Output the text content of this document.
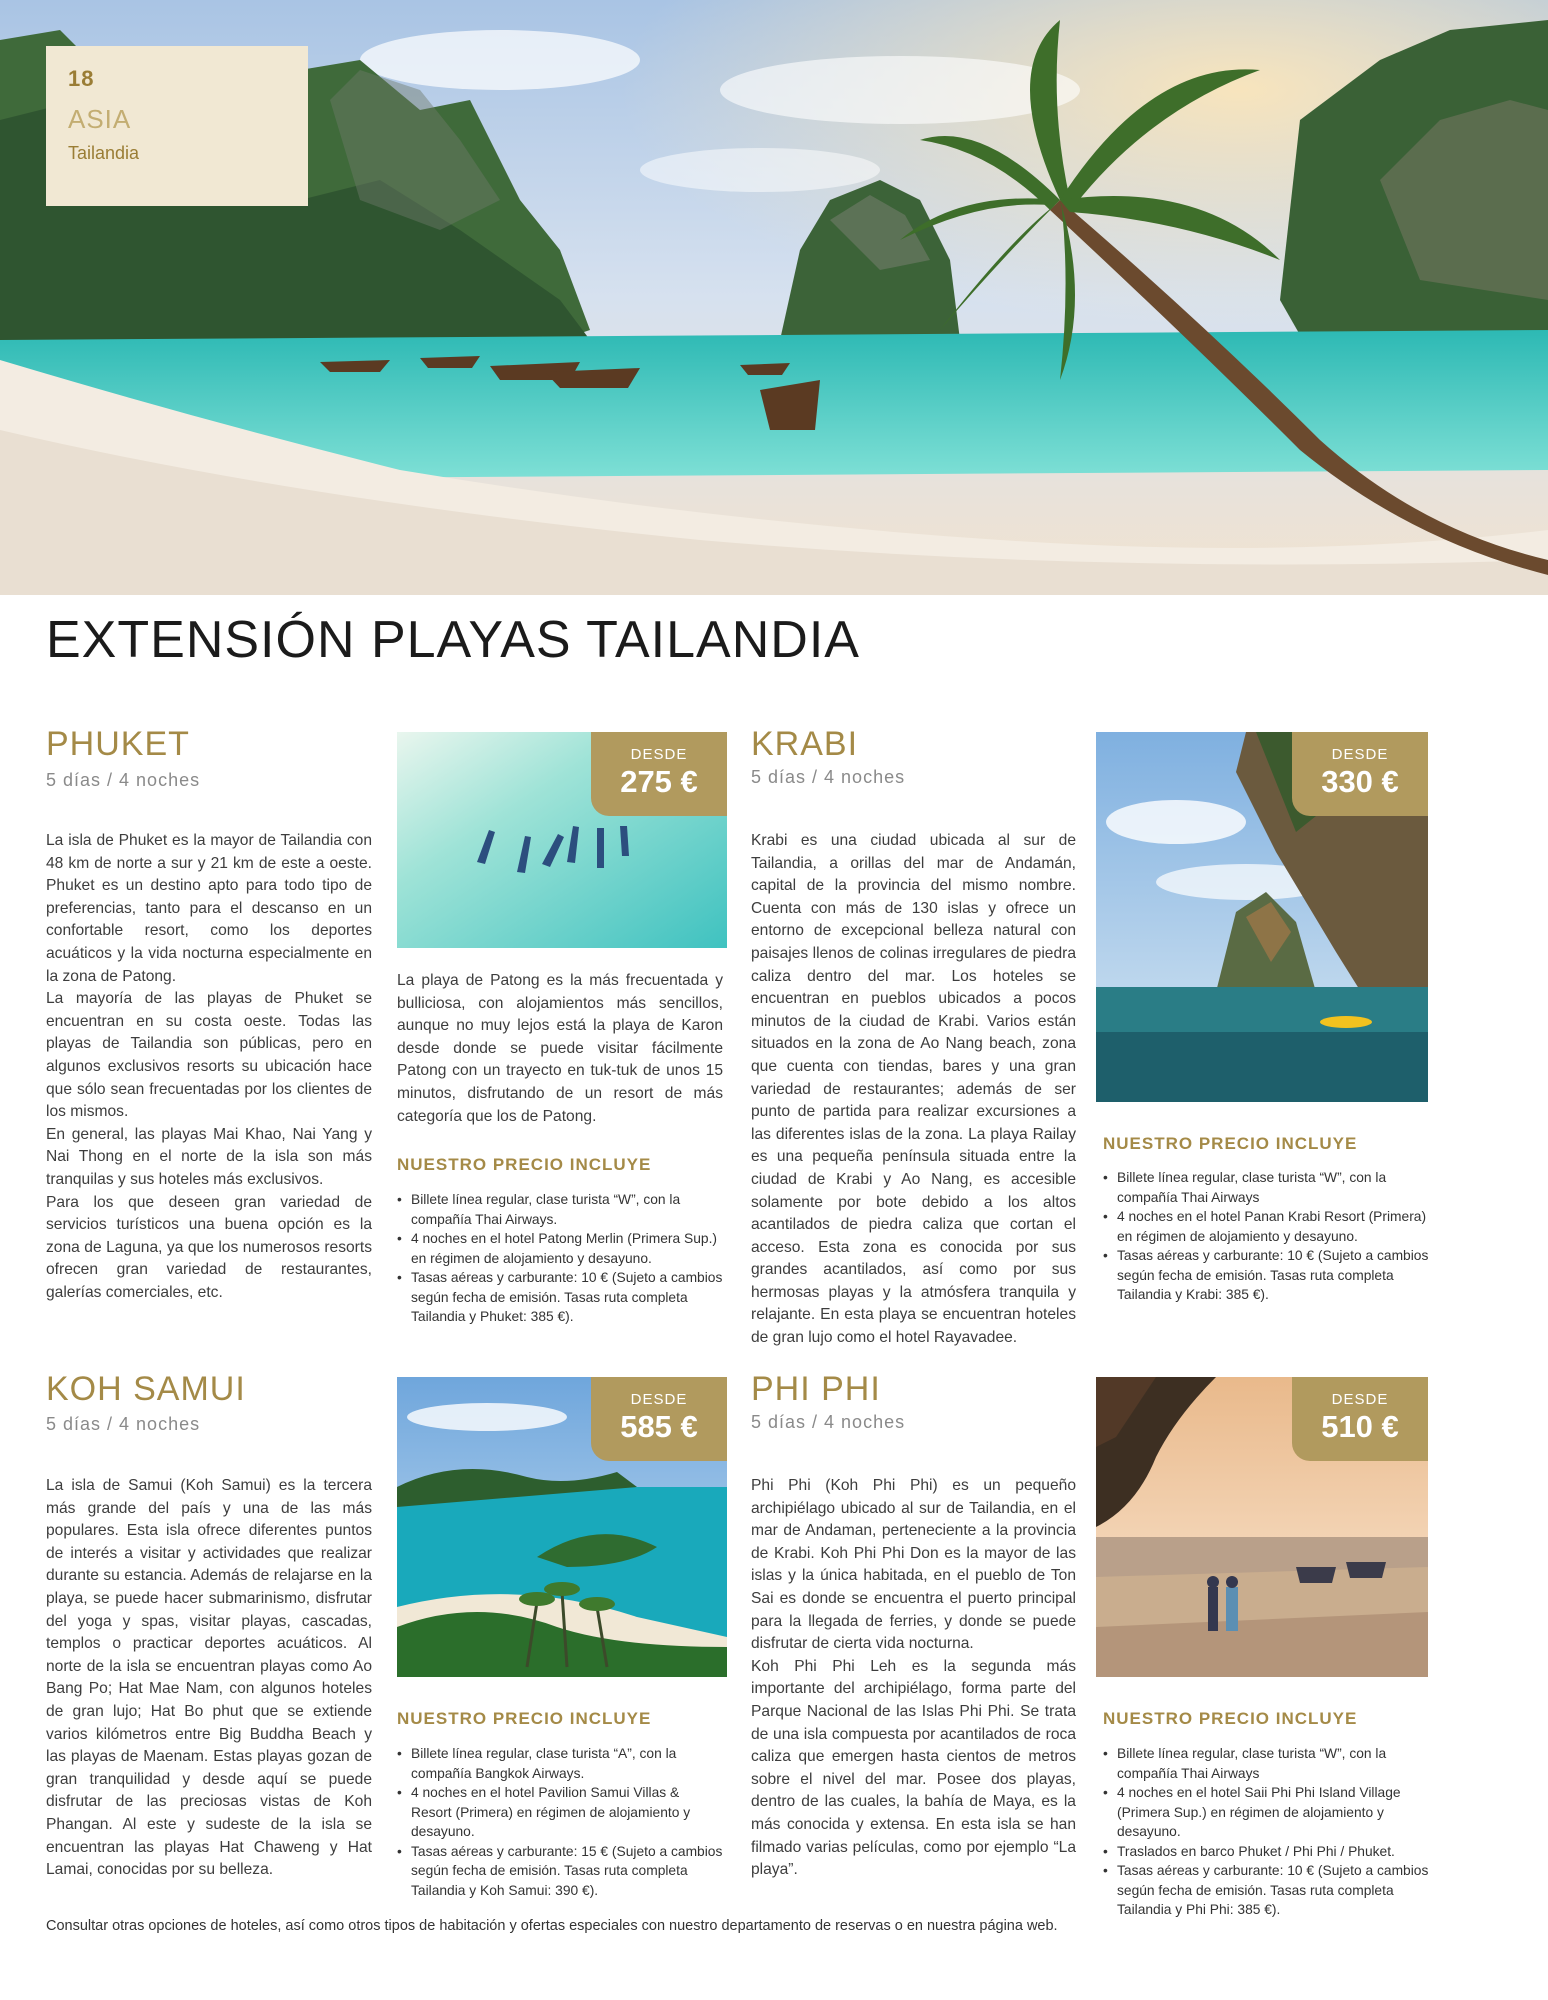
18
ASIA
Tailandia
EXTENSIÓN PLAYAS TAILANDIA
PHUKET
5 días / 4 noches

La isla de Phuket es la mayor de Tailandia con 48 km de norte a sur y 21 km de este a oeste. Phuket es un destino apto para todo tipo de preferencias, tanto para el descanso en un confortable resort, como los deportes acuáticos y la vida nocturna especialmente en la zona de Patong.

La mayoría de las playas de Phuket se encuentran en su costa oeste. Todas las playas de Tailandia son públicas, pero en algunos exclusivos resorts su ubicación hace que sólo sean frecuentadas por los clientes de los mismos.

En general, las playas Mai Khao, Nai Yang y Nai Thong en el norte de la isla son más tranquilas y sus hoteles más exclusivos.

Para los que deseen gran variedad de servicios turísticos una buena opción es la zona de Laguna, ya que los numerosos resorts ofrecen gran variedad de restaurantes, galerías comerciales, etc.

DESDE
275 €
La playa de Patong es la más frecuentada y bulliciosa, con alojamientos más sencillos, aunque no muy lejos está la playa de Karon desde donde se puede visitar fácilmente Patong con un trayecto en tuk-tuk de unos 15 minutos, disfrutando de un resort de más categoría que los de Patong.
NUESTRO PRECIO INCLUYE
• Billete línea regular, clase turista “W”, con la compañía Thai Airways.
• 4 noches en el hotel Patong Merlin (Primera Sup.) en régimen de alojamiento y desayuno.
• Tasas aéreas y carburante: 10 € (Sujeto a cambios según fecha de emisión. Tasas ruta completa Tailandia y Phuket: 385 €).
KRABI
5 días / 4 noches
Krabi es una ciudad ubicada al sur de Tailandia, a orillas del mar de Andamán, capital de la provincia del mismo nombre. Cuenta con más de 130 islas y ofrece un entorno de excepcional belleza natural con paisajes llenos de colinas irregulares de piedra caliza dentro del mar. Los hoteles se encuentran en pueblos ubicados a pocos minutos de la ciudad de Krabi. Varios están situados en la zona de Ao Nang beach, zona que cuenta con tiendas, bares y una gran variedad de restaurantes; además de ser punto de partida para realizar excursiones a las diferentes islas de la zona. La playa Railay es una pequeña península situada entre la ciudad de Krabi y Ao Nang, es accesible solamente por bote debido a los altos acantilados de piedra caliza que cortan el acceso. Esta zona es conocida por sus grandes acantilados, así como por sus hermosas playas y la atmósfera tranquila y relajante. En esta playa se encuentran hoteles de gran lujo como el hotel Rayavadee.
DESDE
330 €
NUESTRO PRECIO INCLUYE
• Billete línea regular, clase turista “W”, con la compañía Thai Airways
• 4 noches en el hotel Panan Krabi Resort (Primera) en régimen de alojamiento y desayuno.
• Tasas aéreas y carburante: 10 € (Sujeto a cambios según fecha de emisión. Tasas ruta completa Tailandia y Krabi: 385 €).
KOH SAMUI
5 días / 4 noches
La isla de Samui (Koh Samui) es la tercera más grande del país y una de las más populares. Esta isla ofrece diferentes puntos de interés a visitar y actividades que realizar durante su estancia. Además de relajarse en la playa, se puede hacer submarinismo, disfrutar del yoga y spas, visitar playas, cascadas, templos o practicar deportes acuáticos. Al norte de la isla se encuentran playas como Ao Bang Po; Hat Mae Nam, con algunos hoteles de gran lujo; Hat Bo phut que se extiende varios kilómetros entre Big Buddha Beach y las playas de Maenam. Estas playas gozan de gran tranquilidad y desde aquí se puede disfrutar de las preciosas vistas de Koh Phangan. Al este y sudeste de la isla se encuentran las playas Hat Chaweng y Hat Lamai, conocidas por su belleza.
DESDE
585 €
NUESTRO PRECIO INCLUYE
• Billete línea regular, clase turista “A”, con la compañía Bangkok Airways.
• 4 noches en el hotel Pavilion Samui Villas & Resort (Primera) en régimen de alojamiento y desayuno.
• Tasas aéreas y carburante: 15 € (Sujeto a cambios según fecha de emisión. Tasas ruta completa Tailandia y Koh Samui: 390 €).
PHI PHI
5 días / 4 noches

Phi Phi (Koh Phi Phi) es un pequeño archipiélago ubicado al sur de Tailandia, en el mar de Andaman, perteneciente a la provincia de Krabi. Koh Phi Phi Don es la mayor de las islas y la única habitada, en el pueblo de Ton Sai es donde se encuentra el puerto principal para la llegada de ferries, y donde se puede disfrutar de cierta vida nocturna.

Koh Phi Phi Leh es la segunda más importante del archipiélago, forma parte del Parque Nacional de las Islas Phi Phi. Se trata de una isla compuesta por acantilados de roca caliza que emergen hasta cientos de metros sobre el nivel del mar. Posee dos playas, dentro de las cuales, la bahía de Maya, es la más conocida y extensa. En esta isla se han filmado varias películas, como por ejemplo “La playa”.

DESDE
510 €
NUESTRO PRECIO INCLUYE
• Billete línea regular, clase turista “W”, con la compañía Thai Airways
• 4 noches en el hotel Saii Phi Phi Island Village (Primera Sup.) en régimen de alojamiento y desayuno.
• Traslados en barco Phuket / Phi Phi / Phuket.
• Tasas aéreas y carburante: 10 € (Sujeto a cambios según fecha de emisión. Tasas ruta completa Tailandia y Phi Phi: 385 €).
Consultar otras opciones de hoteles, así como otros tipos de habitación y ofertas especiales con nuestro departamento de reservas o en nuestra página web.
